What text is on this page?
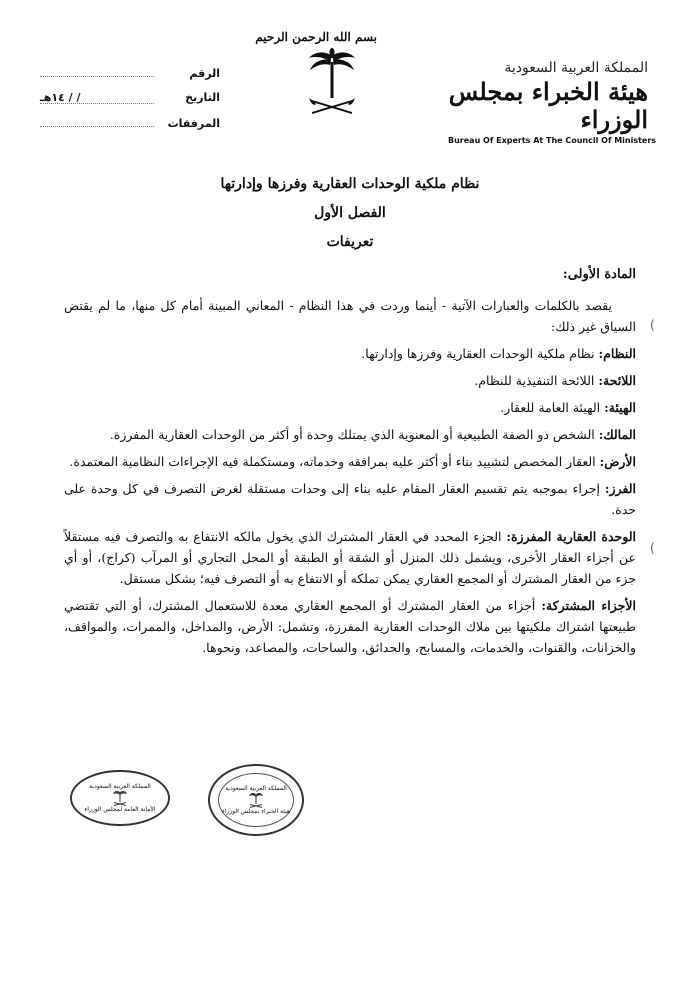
المملكة العربية السعودية
هيئة الخبراء بمجلس الوزراء
Bureau Of Experts At The Council Of Ministers
بسم الله الرحمن الرحيم
الرقم
التاريخ
/ / ١٤هـ
المرفقات
نظام ملكية الوحدات العقارية وفرزها وإدارتها
الفصل الأول
تعريفات

المادة الأولى:

يقصد بالكلمات والعبارات الآتية - أينما وردت في هذا النظام - المعاني المبينة أمام كل منها، ما لم يقتض السياق غير ذلك:

النظام: نظام ملكية الوحدات العقارية وفرزها وإدارتها.

اللائحة: اللائحة التنفيذية للنظام.

الهيئة: الهيئة العامة للعقار.

المالك: الشخص ذو الصفة الطبيعية أو المعنوية الذي يمتلك وحدة أو أكثر من الوحدات العقارية المفرزة.

الأرض: العقار المخصص لتشييد بناء أو أكثر عليه بمرافقه وخدماته، ومستكملة فيه الإجراءات النظامية المعتمدة.

الفرز: إجراء بموجبه يتم تقسيم العقار المقام عليه بناء إلى وحدات مستقلة لغرض التصرف في كل وحدة على حدة.

الوحدة العقارية المفرزة: الجزء المحدد في العقار المشترك الذي يخول مالكه الانتفاع به والتصرف فيه مستقلاً عن أجزاء العقار الأخرى، ويشمل ذلك المنزل أو الشقة أو الطبقة أو المحل التجاري أو المرآب (كراج)، أو أي جزء من العقار المشترك أو المجمع العقاري يمكن تملكه أو الانتفاع به أو التصرف فيه؛ بشكل مستقل.

الأجزاء المشتركة: أجزاء من العقار المشترك أو المجمع العقاري معدة للاستعمال المشترك، أو التي تقتضي طبيعتها اشتراك ملكيتها بين ملاك الوحدات العقارية المفرزة، وتشمل: الأرض، والمداخل، والممرات، والمواقف، والخزانات، والقنوات، والخدمات، والمسابح، والحدائق، والساحات، والمصاعد، ونحوها.

(
(
المملكة العربية السعودية
الأمانة العامة لمجلس الوزراء
المملكة العربية السعودية
هيئة الخبراء بمجلس الوزراء
